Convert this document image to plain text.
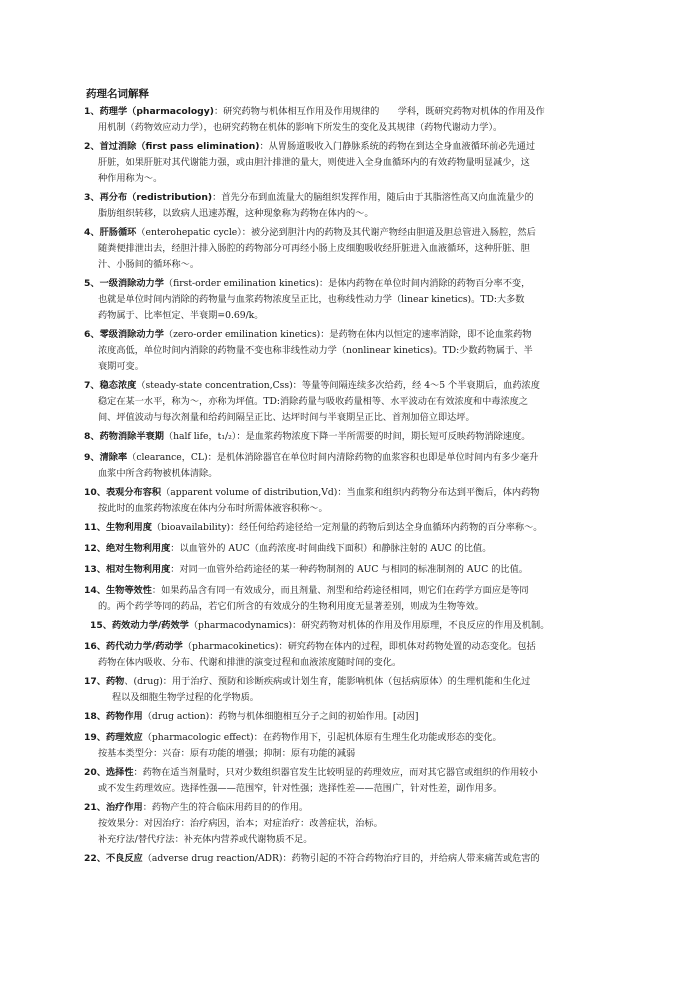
药理名词解释
1、药理学（pharmacology)：研究药物与机体相互作用及作用规律的　　学科，既研究药物对机体的作用及作
用机制（药物效应动力学），也研究药物在机体的影响下所发生的变化及其规律（药物代谢动力学）。
2、首过消除（first pass elimination)：从胃肠道吸收入门静脉系统的药物在到达全身血液循环前必先通过
肝脏，如果肝脏对其代谢能力强，或由胆汁排泄的量大，则使进入全身血循环内的有效药物量明显减少，这
种作用称为～。
3、再分布（redistribution)：首先分布到血流量大的脑组织发挥作用，随后由于其脂溶性高又向血流量少的
脂肪组织转移，以致病人迅速苏醒，这种现象称为药物在体内的～。
4、肝肠循环（enterohepatic cycle）：被分泌到胆汁内的药物及其代谢产物经由胆道及胆总管进入肠腔，然后
随粪便排泄出去，经胆汁排入肠腔的药物部分可再经小肠上皮细胞吸收经肝脏进入血液循环，这种肝脏、胆
汁、小肠间的循环称～。
5、一级消除动力学（first-order emilination kinetics)：是体内药物在单位时间内消除的药物百分率不变，
也就是单位时间内消除的药物量与血浆药物浓度呈正比，也称线性动力学（linear kinetics)。TD:大多数
药物属于、比率恒定、半衰期=0.69/k。
6、零级消除动力学（zero-order emilination kinetics)：是药物在体内以恒定的速率消除，即不论血浆药物
浓度高低，单位时间内消除的药物量不变也称非线性动力学（nonlinear kinetics)。TD:少数药物属于、半
衰期可变。
7、稳态浓度（steady-state concentration,Css)：等量等间隔连续多次给药，经 4～5 个半衰期后，血药浓度
稳定在某一水平，称为～，亦称为坪值。TD:消除药量与吸收药量相等、水平波动在有效浓度和中毒浓度之
间、坪值波动与每次剂量和给药间隔呈正比、达坪时间与半衰期呈正比、首剂加倍立即达坪。
8、药物消除半衰期（half life，t₁/₂）：是血浆药物浓度下降一半所需要的时间，期长短可反映药物消除速度。
9、清除率（clearance，CL)：是机体消除器官在单位时间内清除药物的血浆容积也即是单位时间内有多少毫升
血浆中所含药物被机体清除。
10、表观分布容积（apparent volume of distribution,Vd)：当血浆和组织内药物分布达到平衡后，体内药物
按此时的血浆药物浓度在体内分布时所需体液容积称～。
11、生物利用度（bioavailability)：经任何给药途径给一定剂量的药物后到达全身血循环内药物的百分率称～。
12、绝对生物利用度：以血管外的 AUC（血药浓度-时间曲线下面积）和静脉注射的 AUC 的比值。
13、相对生物利用度：对同一血管外给药途径的某一种药物制剂的 AUC 与相同的标准制剂的 AUC 的比值。
14、生物等效性：如果药品含有同一有效成分，而且剂量、剂型和给药途径相同，则它们在药学方面应是等同
的。两个药学等同的药品，若它们所含的有效成分的生物利用度无显著差别，则成为生物等效。
15、药效动力学/药效学（pharmacodynamics)：研究药物对机体的作用及作用原理，不良反应的作用及机制。
16、药代动力学/药动学（pharmacokinetics)：研究药物在体内的过程，即机体对药物处置的动态变化。包括
药物在体内吸收、分布、代谢和排泄的演变过程和血液浓度随时间的变化。
17、药物、(drug)：用于治疗、预防和诊断疾病或计划生育，能影响机体（包括病原体）的生理机能和生化过
程以及细胞生物学过程的化学物质。
18、药物作用（drug action)：药物与机体细胞相互分子之间的初始作用。[动因]
19、药理效应（pharmacologic effect)：在药物作用下，引起机体原有生理生化功能或形态的变化。
按基本类型分：兴奋：原有功能的增强；抑制：原有功能的减弱
20、选择性：药物在适当剂量时，只对少数组织器官发生比较明显的药理效应，而对其它器官或组织的作用较小
或不发生药理效应。选择性强——范围窄，针对性强；选择性差——范围广，针对性差，副作用多。
21、治疗作用：药物产生的符合临床用药目的的作用。
按效果分：对因治疗：治疗病因，治本；对症治疗：改善症状，治标。
补充疗法/替代疗法：补充体内营养或代谢物质不足。
22、不良反应（adverse drug reaction/ADR)：药物引起的不符合药物治疗目的，并给病人带来痛苦或危害的
